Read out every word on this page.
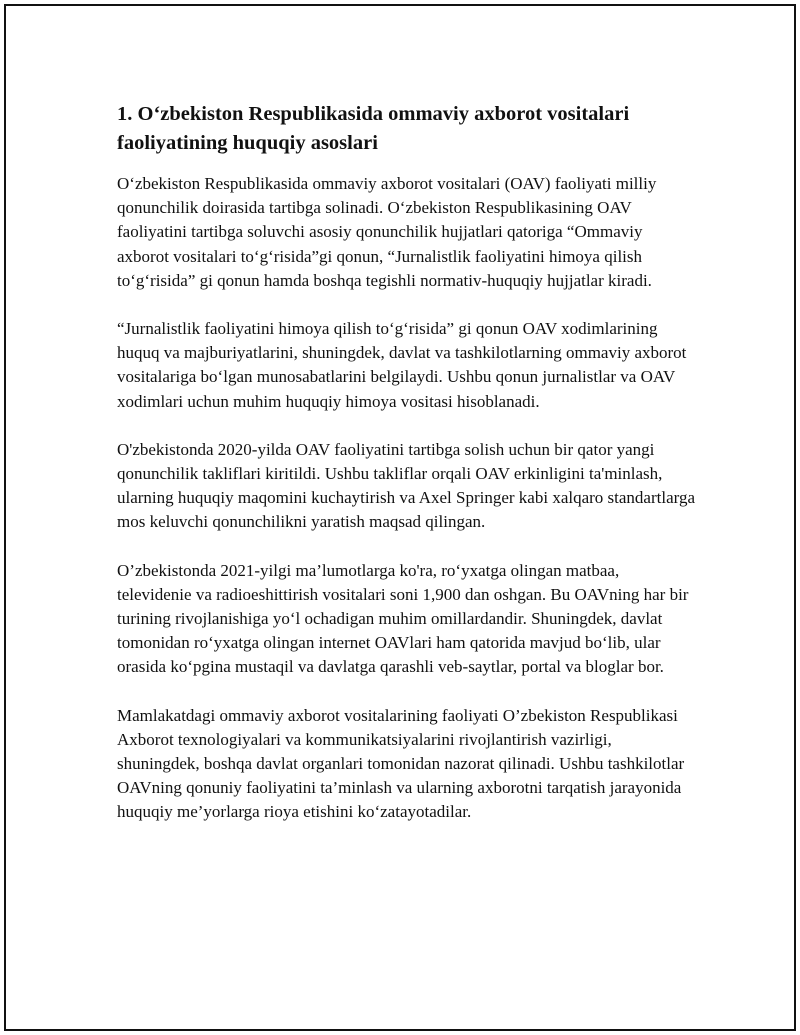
1. O‘zbekiston Respublikasida ommaviy axborot vositalari faoliyatining huquqiy asoslari

O‘zbekiston Respublikasida ommaviy axborot vositalari (OAV) faoliyati milliy qonunchilik doirasida tartibga solinadi. O‘zbekiston Respublikasining OAV faoliyatini tartibga soluvchi asosiy qonunchilik hujjatlari qatoriga “Ommaviy axborot vositalari to‘g‘risida”gi qonun, “Jurnalistlik faoliyatini himoya qilish to‘g‘risida” gi qonun hamda boshqa tegishli normativ-huquqiy hujjatlar kiradi.

“Jurnalistlik faoliyatini himoya qilish to‘g‘risida” gi qonun OAV xodimlarining huquq va majburiyatlarini, shuningdek, davlat va tashkilotlarning ommaviy axborot vositalariga bo‘lgan munosabatlarini belgilaydi. Ushbu qonun jurnalistlar va OAV xodimlari uchun muhim huquqiy himoya vositasi hisoblanadi.

O'zbekistonda 2020-yilda OAV faoliyatini tartibga solish uchun bir qator yangi qonunchilik takliflari kiritildi. Ushbu takliflar orqali OAV erkinligini ta'minlash, ularning huquqiy maqomini kuchaytirish va Axel Springer kabi xalqaro standartlarga mos keluvchi qonunchilikni yaratish maqsad qilingan.

O’zbekistonda 2021-yilgi ma’lumotlarga ko'ra, ro‘yxatga olingan matbaa, televidenie va radioeshittirish vositalari soni 1,900 dan oshgan. Bu OAVning har bir turining rivojlanishiga yo‘l ochadigan muhim omillardandir. Shuningdek, davlat tomonidan ro‘yxatga olingan internet OAVlari ham qatorida mavjud bo‘lib, ular orasida ko‘pgina mustaqil va davlatga qarashli veb-saytlar, portal va bloglar bor.

Mamlakatdagi ommaviy axborot vositalarining faoliyati O’zbekiston Respublikasi Axborot texnologiyalari va kommunikatsiyalarini rivojlantirish vazirligi, shuningdek, boshqa davlat organlari tomonidan nazorat qilinadi. Ushbu tashkilotlar OAVning qonuniy faoliyatini ta’minlash va ularning axborotni tarqatish jarayonida huquqiy me’yorlarga rioya etishini ko‘zatayotadilar.
